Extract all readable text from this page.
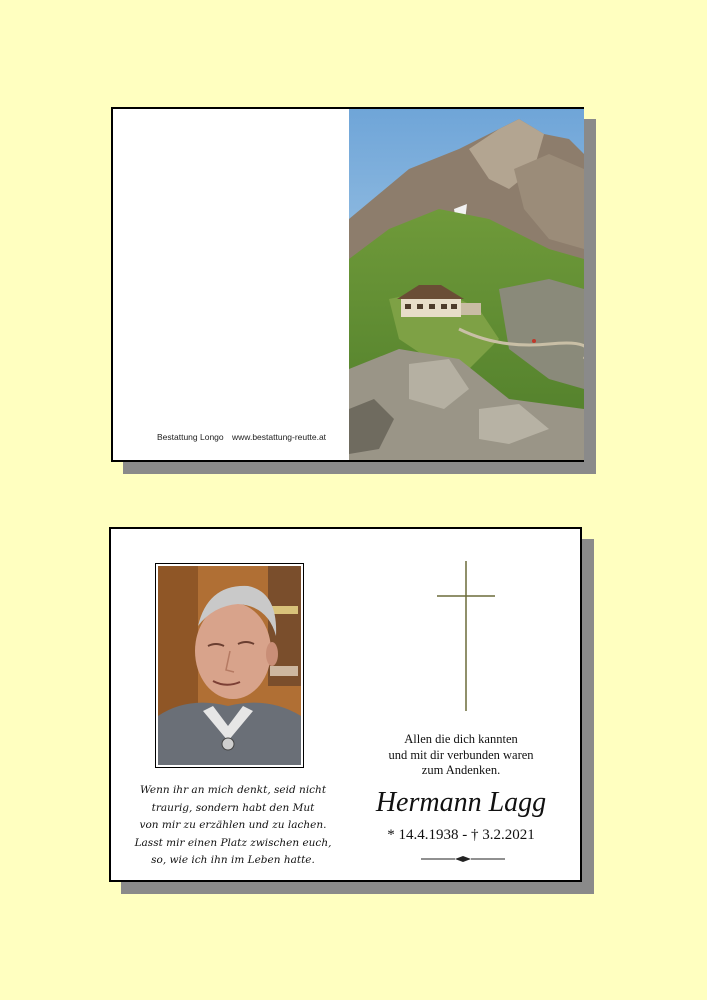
Bestattung Longo www.bestattung-reutte.at
Wenn ihr an mich denkt, seid nicht
traurig, sondern habt den Mut
von mir zu erzählen und zu lachen.
Lasst mir einen Platz zwischen euch,
so, wie ich ihn im Leben hatte.
Allen die dich kannten
und mit dir verbunden waren
zum Andenken.
Hermann Lagg
* 14.4.1938 - † 3.2.2021
